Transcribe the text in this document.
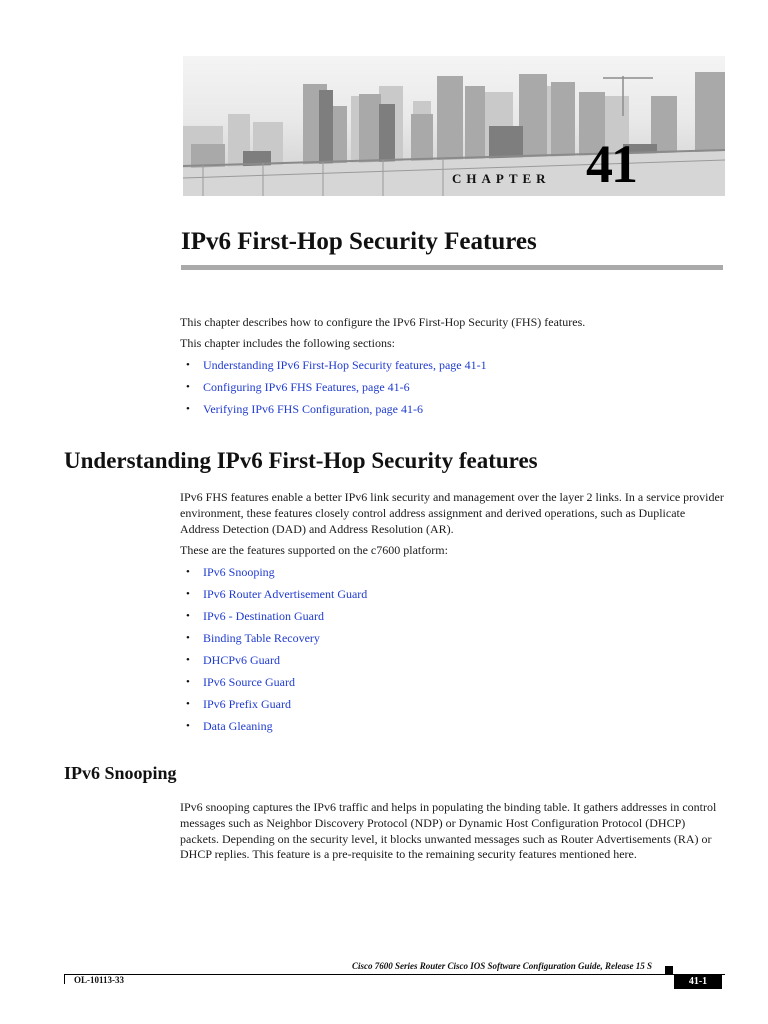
CHAPTER 41
IPv6 First-Hop Security Features

This chapter describes how to configure the IPv6 First-Hop Security (FHS) features.

This chapter includes the following sections:

• Understanding IPv6 First-Hop Security features, page 41-1
• Configuring IPv6 FHS Features, page 41-6
• Verifying IPv6 FHS Configuration, page 41-6
Understanding IPv6 First-Hop Security features

IPv6 FHS features enable a better IPv6 link security and management over the layer 2 links. In a service provider environment, these features closely control address assignment and derived operations, such as Duplicate Address Detection (DAD) and Address Resolution (AR).

These are the features supported on the c7600 platform:

• IPv6 Snooping
• IPv6 Router Advertisement Guard
• IPv6 - Destination Guard
• Binding Table Recovery
• DHCPv6 Guard
• IPv6 Source Guard
• IPv6 Prefix Guard
• Data Gleaning
IPv6 Snooping

IPv6 snooping captures the IPv6 traffic and helps in populating the binding table. It gathers addresses in control messages such as Neighbor Discovery Protocol (NDP) or Dynamic Host Configuration Protocol (DHCP) packets. Depending on the security level, it blocks unwanted messages such as Router Advertisements (RA) or DHCP replies. This feature is a pre-requisite to the remaining security features mentioned here.

Cisco 7600 Series Router Cisco IOS Software Configuration Guide, Release 15 S
OL-10113-33	41-1
